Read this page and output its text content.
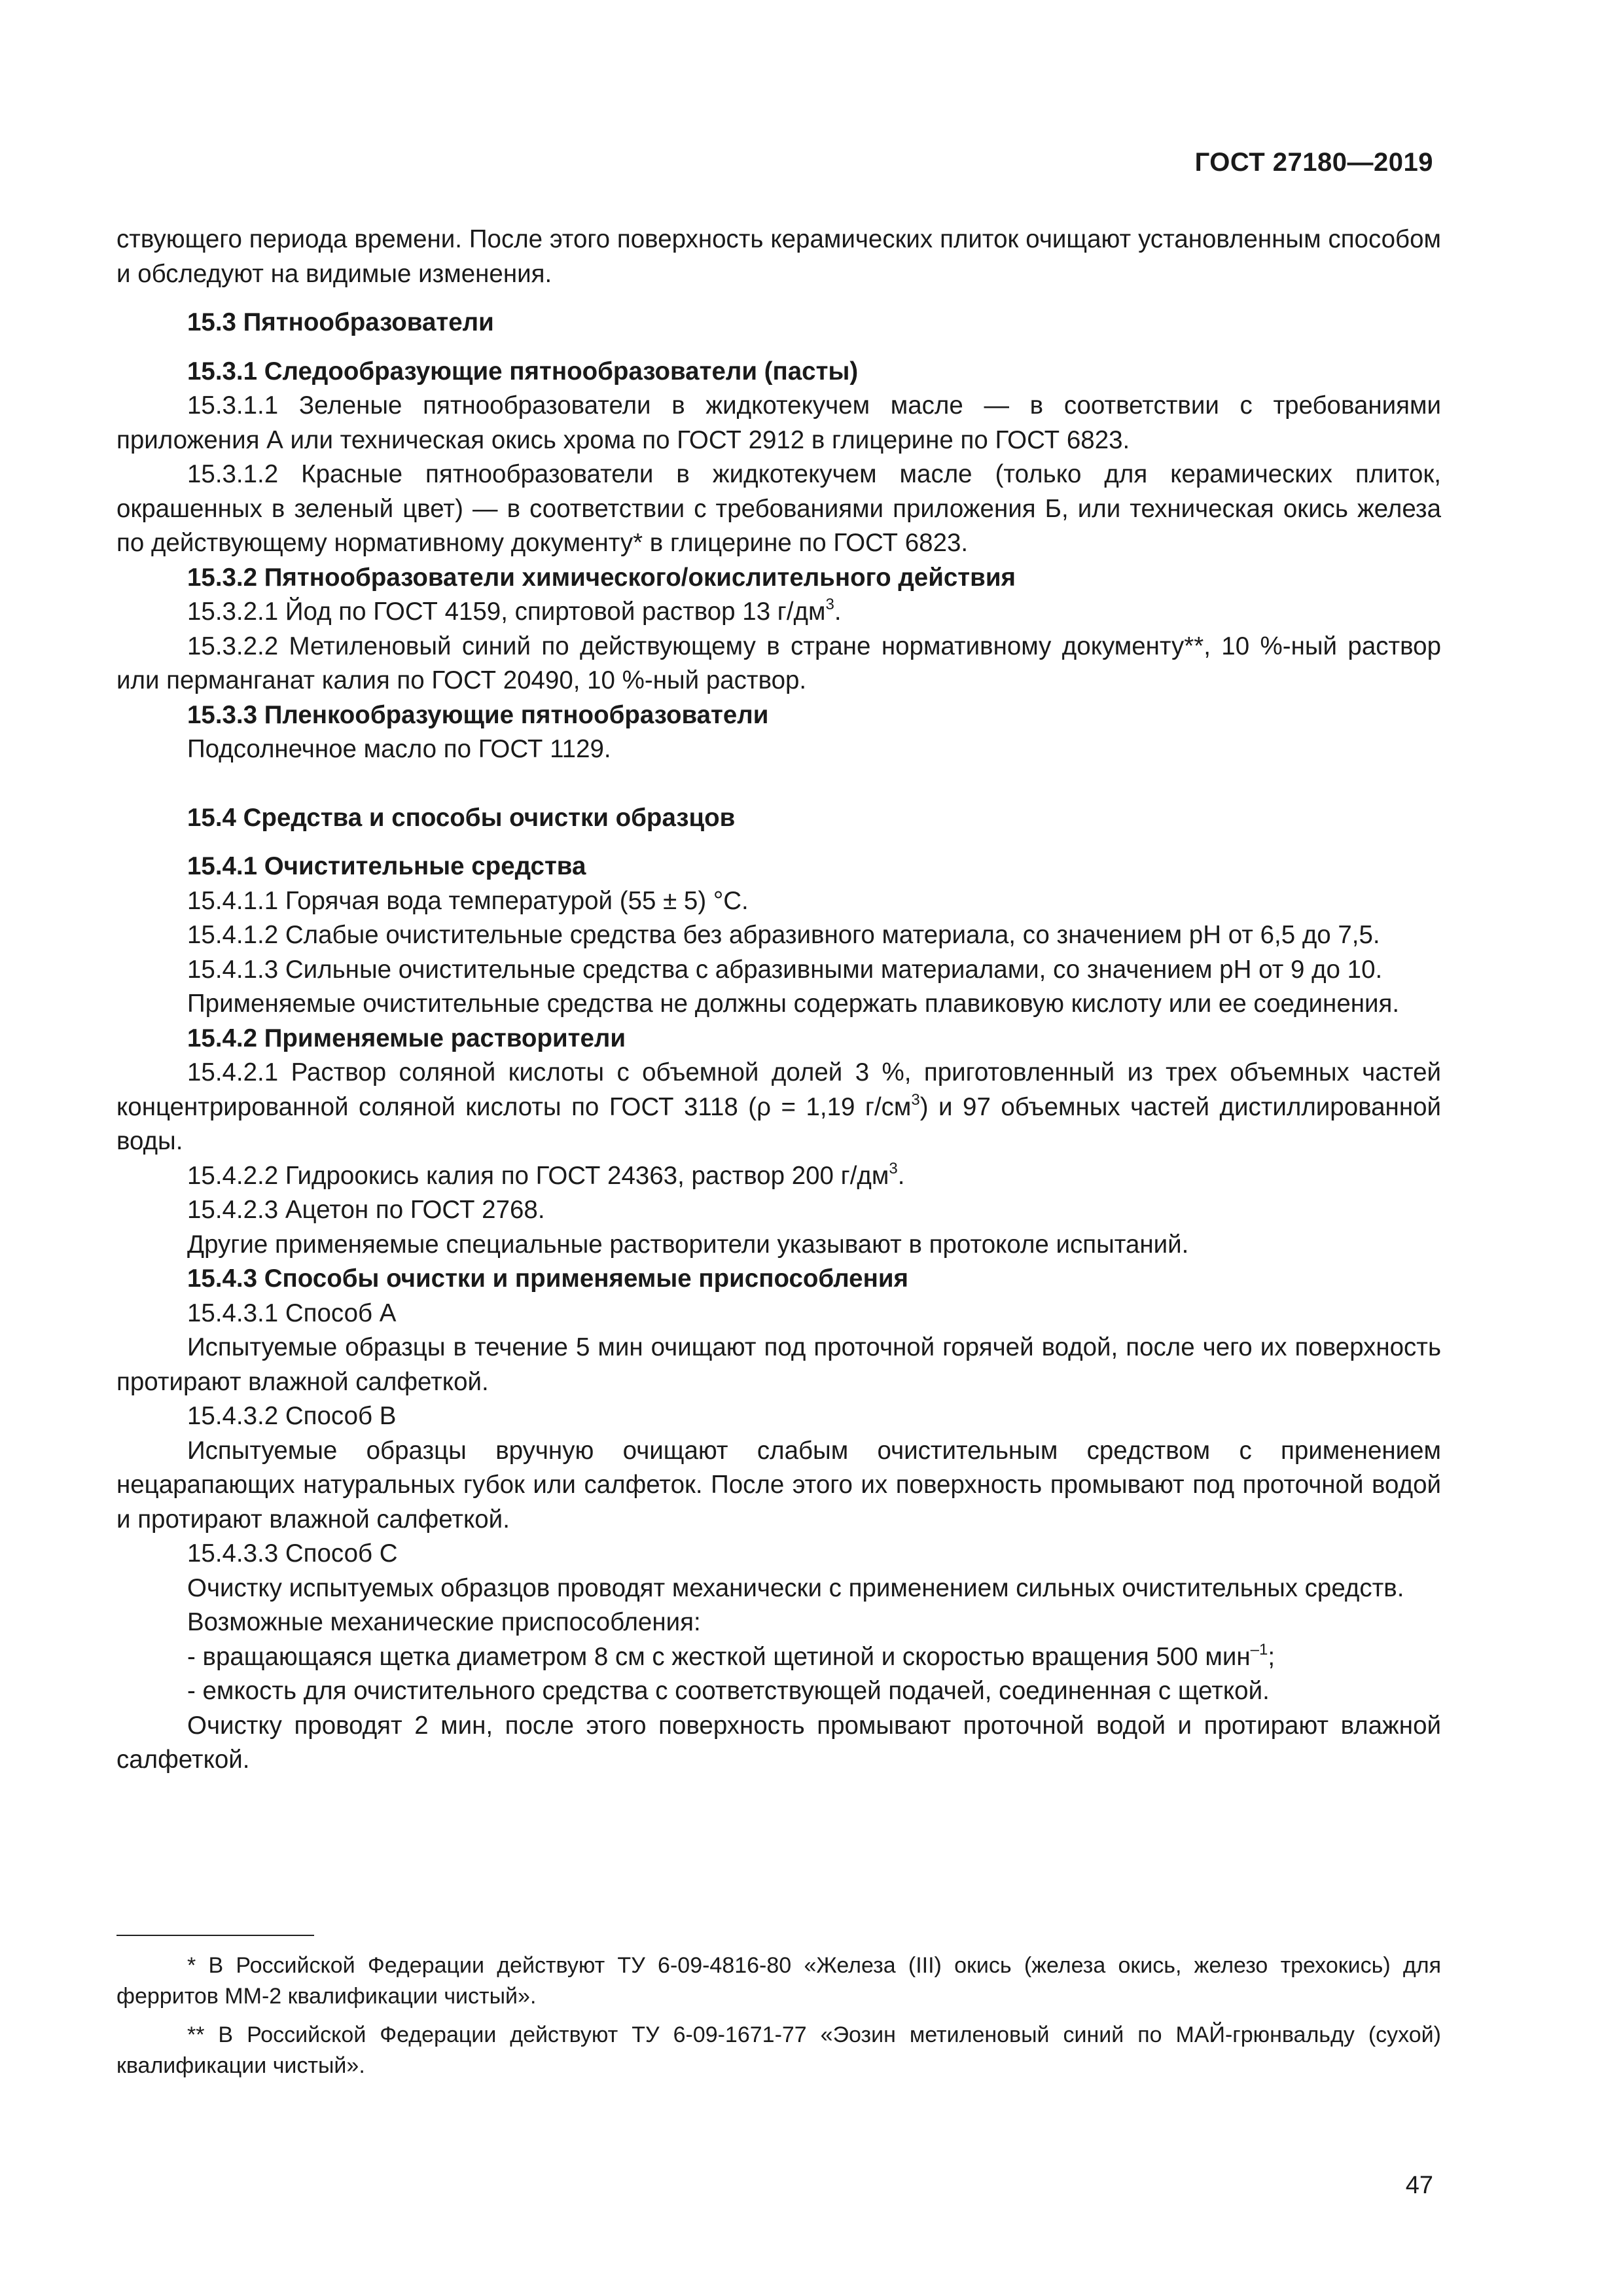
ГОСТ 27180—2019

ствующего периода времени. После этого поверхность керамических плиток очищают установленным способом и обследуют на видимые изменения.

15.3 Пятнообразователи

15.3.1 Следообразующие пятнообразователи (пасты)

15.3.1.1 Зеленые пятнообразователи в жидкотекучем масле — в соответствии с требованиями приложения А или техническая окись хрома по ГОСТ 2912 в глицерине по ГОСТ 6823.

15.3.1.2 Красные пятнообразователи в жидкотекучем масле (только для керамических плиток, окрашенных в зеленый цвет) — в соответствии с требованиями приложения Б, или техническая окись железа по действующему нормативному документу* в глицерине по ГОСТ 6823.

15.3.2 Пятнообразователи химического/окислительного действия

15.3.2.1 Йод по ГОСТ 4159, спиртовой раствор 13 $г/дм^3$.

15.3.2.2 Метиленовый синий по действующему в стране нормативному документу**, 10 %-ный раствор или перманганат калия по ГОСТ 20490, 10 %-ный раствор.

15.3.3 Пленкообразующие пятнообразователи

Подсолнечное масло по ГОСТ 1129.

15.4 Средства и способы очистки образцов

15.4.1 Очистительные средства

15.4.1.1 Горячая вода температурой (55 ± 5) °С.

15.4.1.2 Слабые очистительные средства без абразивного материала, со значением рН от 6,5 до 7,5.

15.4.1.3 Сильные очистительные средства с абразивными материалами, со значением рН от 9 до 10.

Применяемые очистительные средства не должны содержать плавиковую кислоту или ее соединения.

15.4.2 Применяемые растворители

15.4.2.1 Раствор соляной кислоты с объемной долей 3 %, приготовленный из трех объемных частей концентрированной соляной кислоты по ГОСТ 3118 (ρ = 1,19 $г/см^3$) и 97 объемных частей дистиллированной воды.

15.4.2.2 Гидроокись калия по ГОСТ 24363, раствор 200 $г/дм^3$.

15.4.2.3 Ацетон по ГОСТ 2768.

Другие применяемые специальные растворители указывают в протоколе испытаний.

15.4.3 Способы очистки и применяемые приспособления

15.4.3.1 Способ А

Испытуемые образцы в течение 5 мин очищают под проточной горячей водой, после чего их поверхность протирают влажной салфеткой.

15.4.3.2 Способ В

Испытуемые образцы вручную очищают слабым очистительным средством с применением нецарапающих натуральных губок или салфеток. После этого их поверхность промывают под проточной водой и протирают влажной салфеткой.

15.4.3.3 Способ С

Очистку испытуемых образцов проводят механически с применением сильных очистительных средств.

Возможные механические приспособления:

- вращающаяся щетка диаметром 8 см с жесткой щетиной и скоростью вращения 500 мин$^{-1}$;

- емкость для очистительного средства с соответствующей подачей, соединенная с щеткой.

Очистку проводят 2 мин, после этого поверхность промывают проточной водой и протирают влажной салфеткой.

* В Российской Федерации действуют ТУ 6-09-4816-80 «Железа (III) окись (железа окись, железо трехокись) для ферритов ММ-2 квалификации чистый».

** В Российской Федерации действуют ТУ 6-09-1671-77 «Эозин метиленовый синий по МАЙ-грюнвальду (сухой) квалификации чистый».

47
